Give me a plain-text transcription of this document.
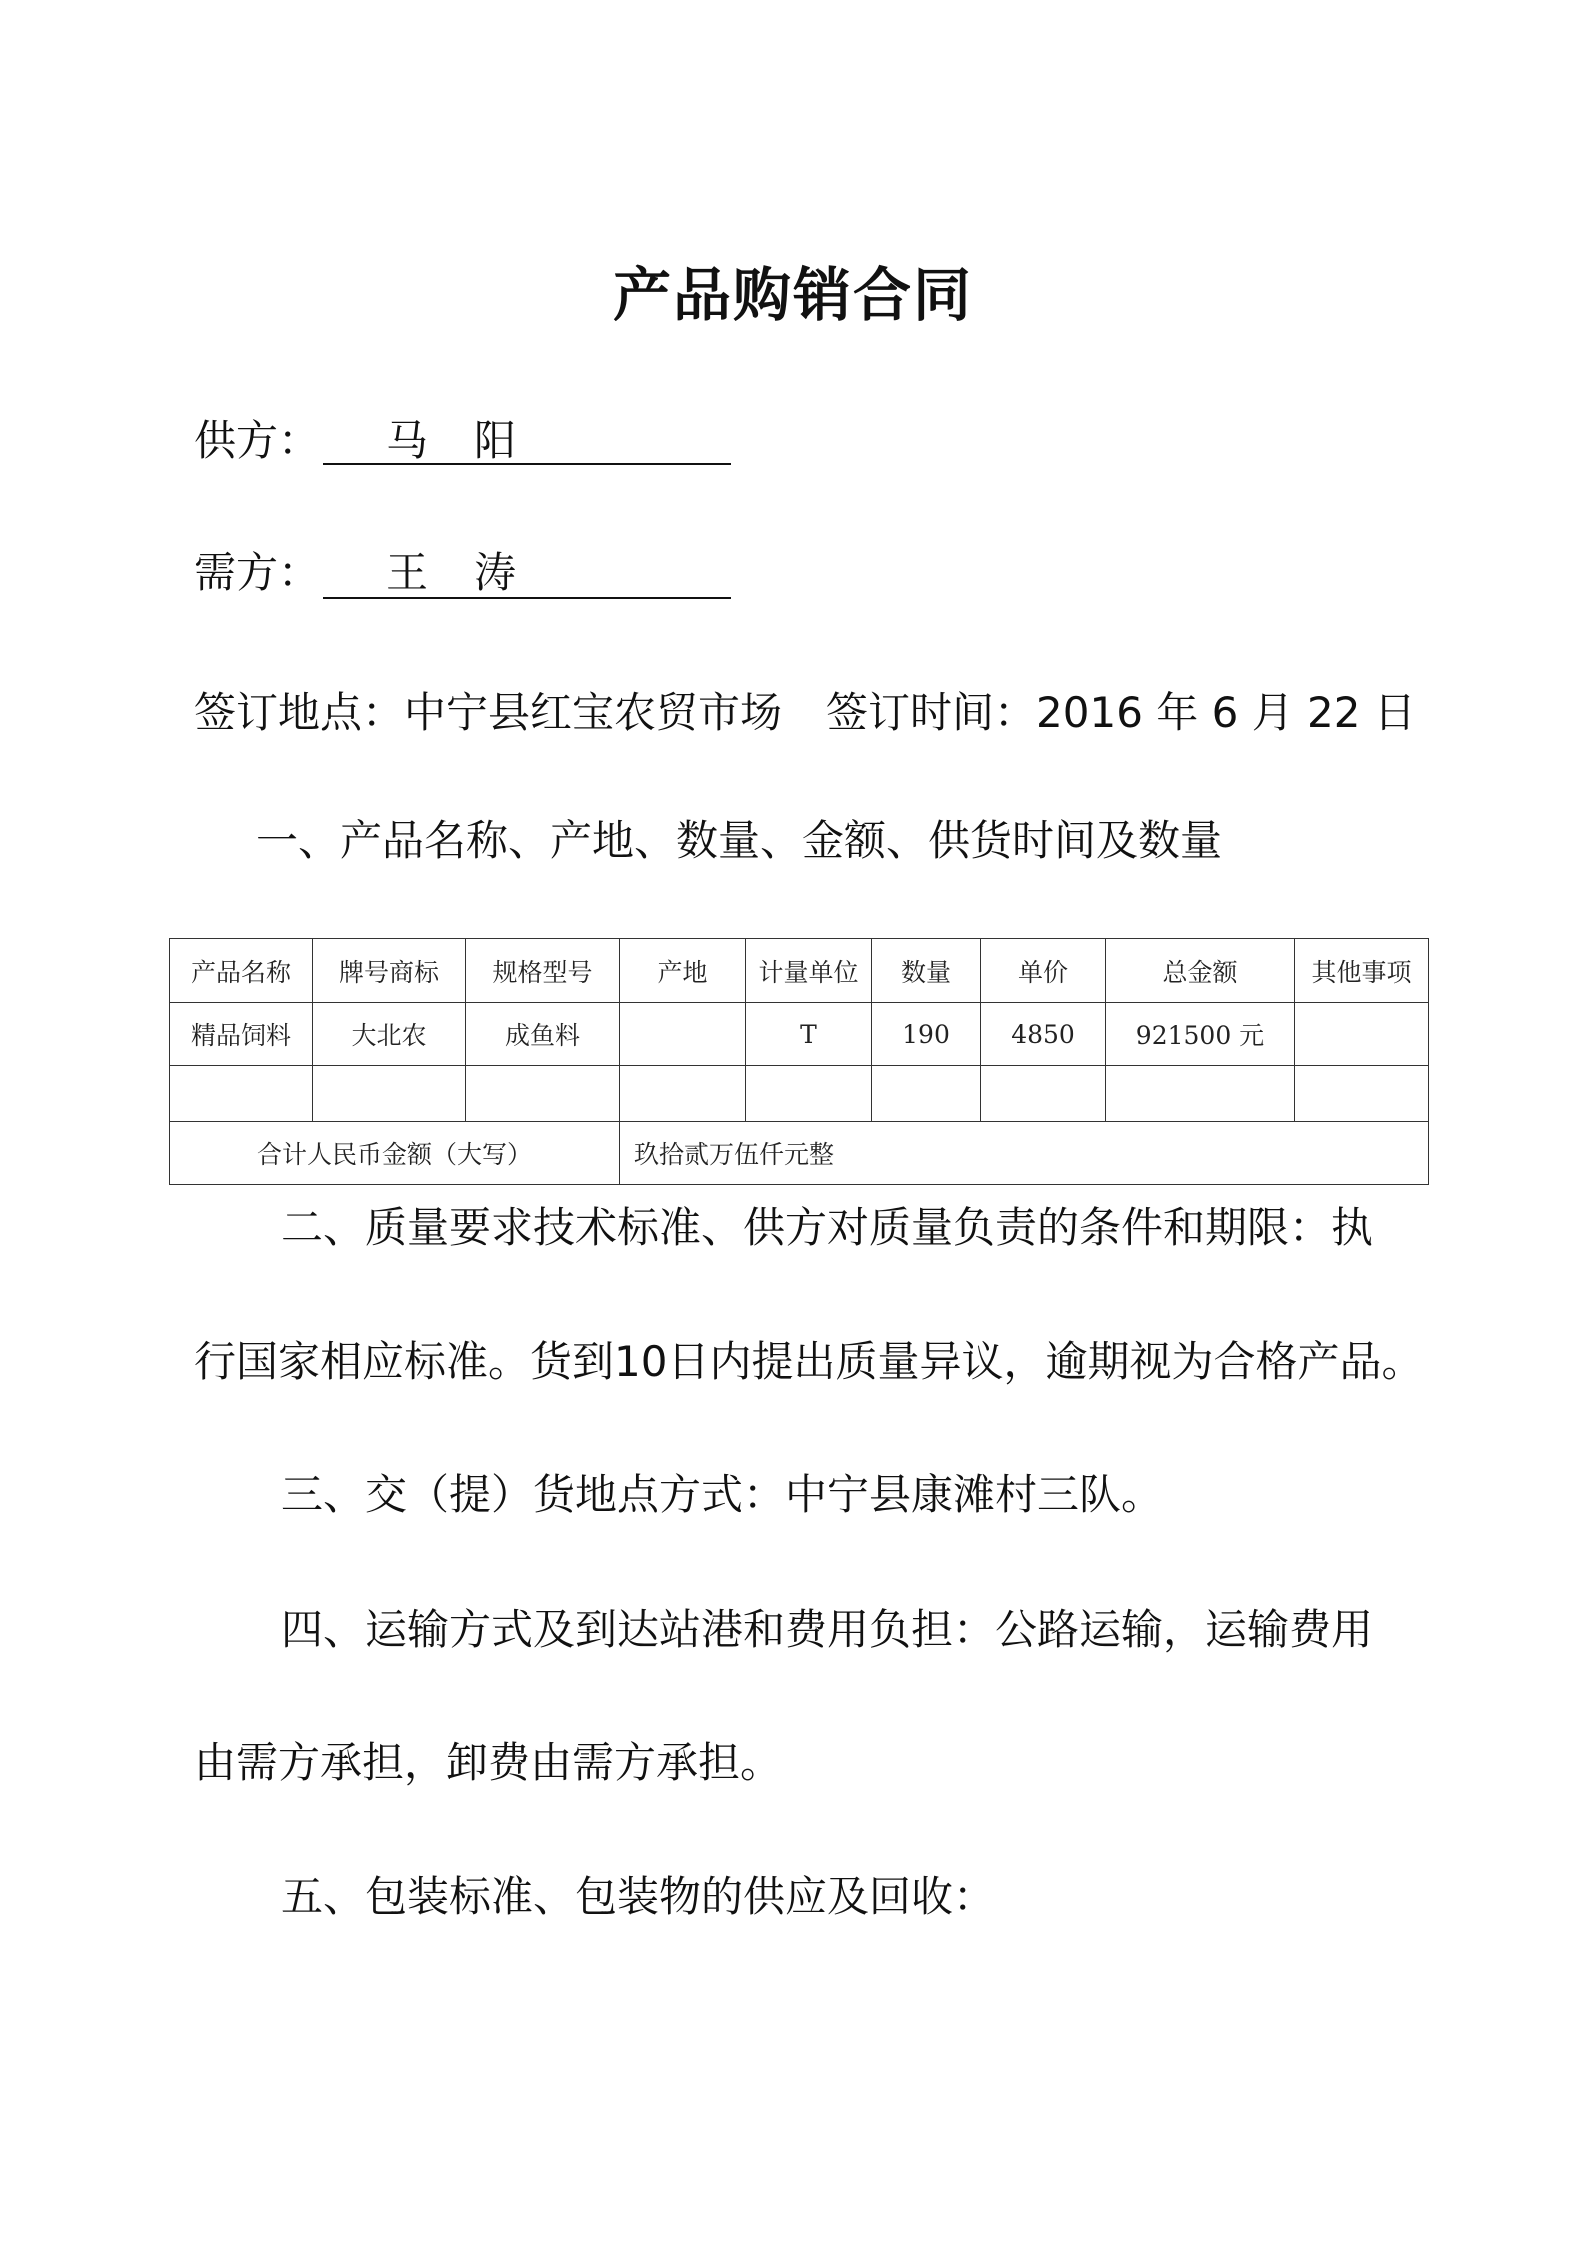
产品购销合同
供方： 马阳
需方： 王涛
签订地点：中宁县红宝农贸市场 签订时间：2016 年 6 月 22 日
一、产品名称、产地、数量、金额、供货时间及数量
产品名称	牌号商标	规格型号	产地	计量单位	数量	单价	总金额	其他事项
精品饲料	大北农	成鱼料		T	190	4850	921500 元	

合计人民币金额（大写）			玖拾贰万伍仟元整					
二、质量要求技术标准、供方对质量负责的条件和期限：执
行国家相应标准。货到10日内提出质量异议，逾期视为合格产品。
三、交（提）货地点方式：中宁县康滩村三队。
四、运输方式及到达站港和费用负担：公路运输，运输费用
由需方承担，卸费由需方承担。
五、包装标准、包装物的供应及回收：
